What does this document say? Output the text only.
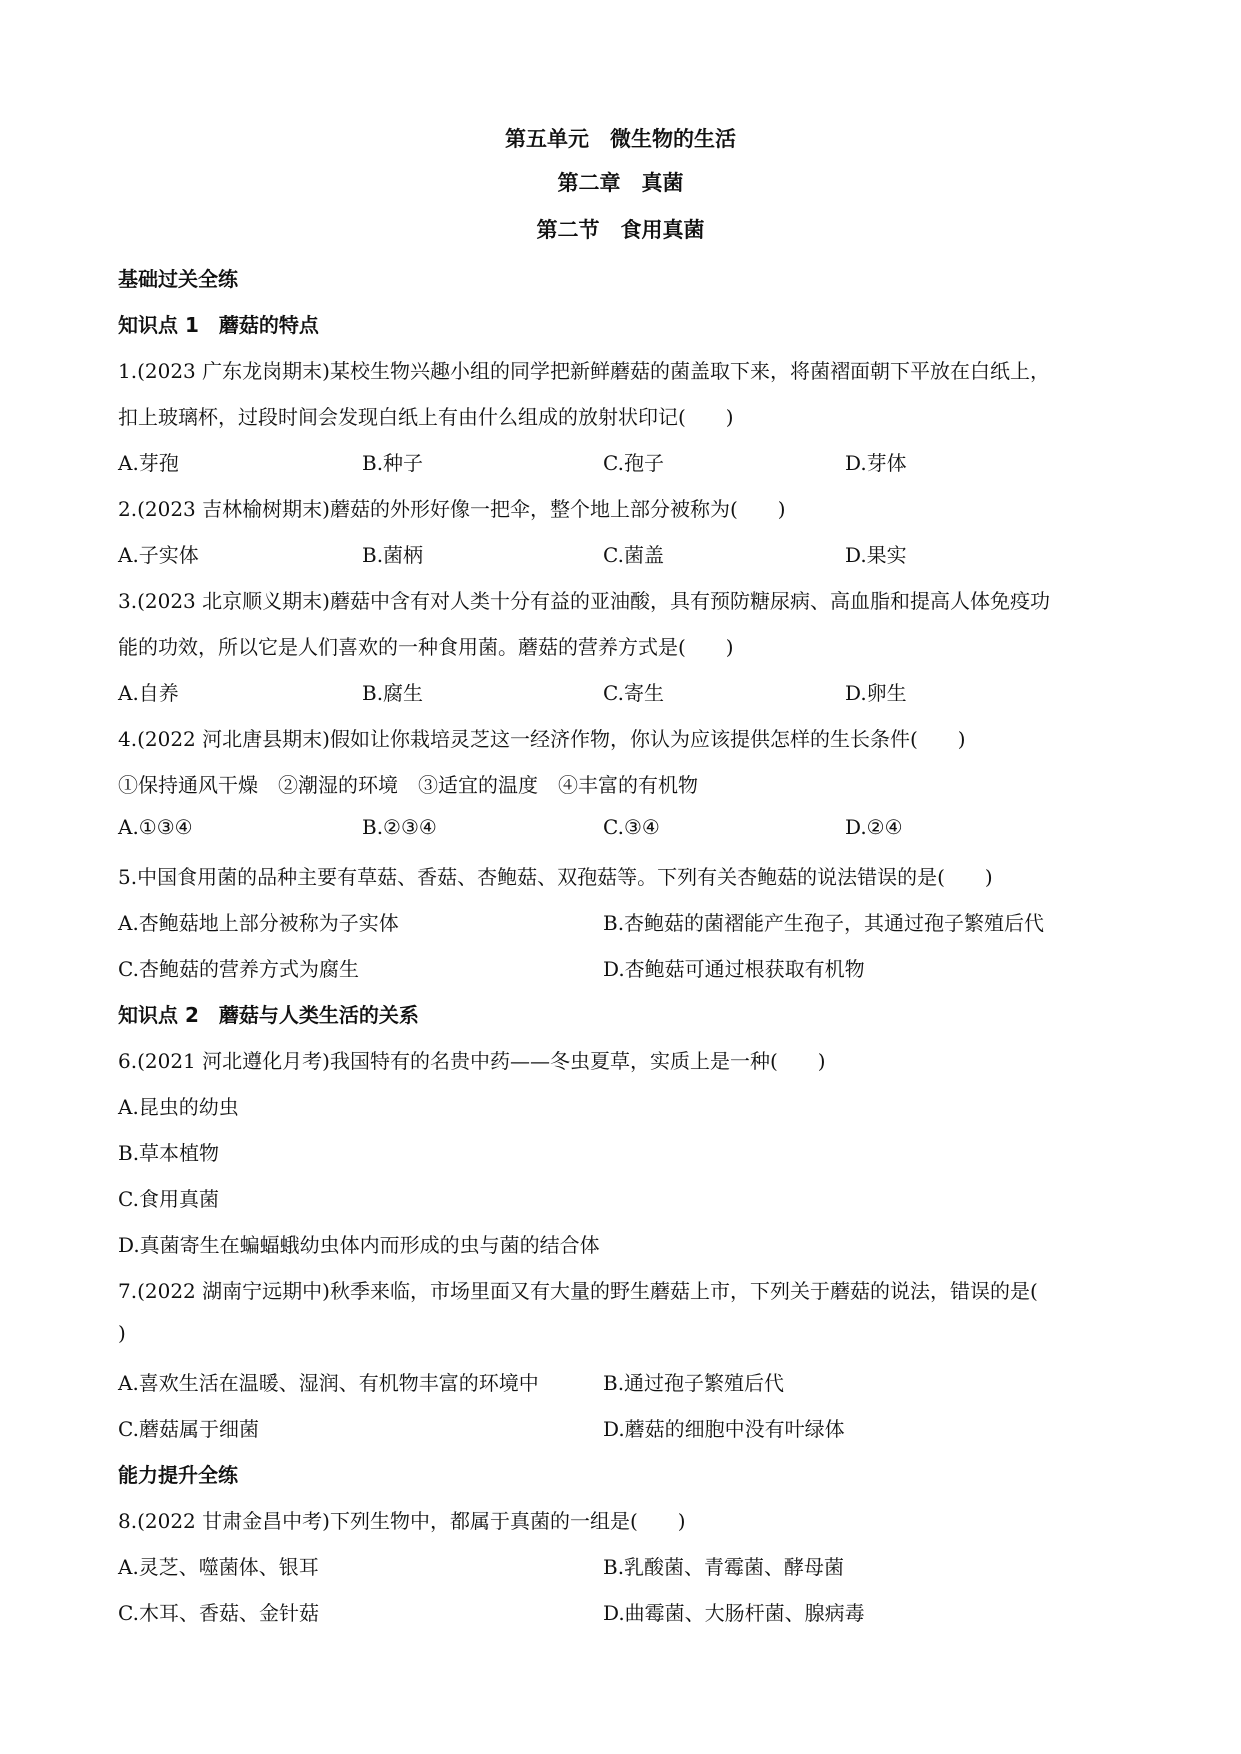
第五单元　微生物的生活
第二章　真菌
第二节　食用真菌
基础过关全练
知识点 1　蘑菇的特点
1.(2023 广东龙岗期末)某校生物兴趣小组的同学把新鲜蘑菇的菌盖取下来，将菌褶面朝下平放在白纸上，
扣上玻璃杯，过段时间会发现白纸上有由什么组成的放射状印记(　　)
A.芽孢	B.种子	C.孢子	D.芽体
2.(2023 吉林榆树期末)蘑菇的外形好像一把伞，整个地上部分被称为(　　)
A.子实体	B.菌柄	C.菌盖	D.果实
3.(2023 北京顺义期末)蘑菇中含有对人类十分有益的亚油酸，具有预防糖尿病、高血脂和提高人体免疫功
能的功效，所以它是人们喜欢的一种食用菌。蘑菇的营养方式是(　　)
A.自养	B.腐生	C.寄生	D.卵生
4.(2022 河北唐县期末)假如让你栽培灵芝这一经济作物，你认为应该提供怎样的生长条件(　　)
①保持通风干燥　②潮湿的环境　③适宜的温度　④丰富的有机物
A.①③④	B.②③④	C.③④	D.②④
5.中国食用菌的品种主要有草菇、香菇、杏鲍菇、双孢菇等。下列有关杏鲍菇的说法错误的是(　　)
A.杏鲍菇地上部分被称为子实体	B.杏鲍菇的菌褶能产生孢子，其通过孢子繁殖后代
C.杏鲍菇的营养方式为腐生	D.杏鲍菇可通过根获取有机物
知识点 2　蘑菇与人类生活的关系
6.(2021 河北遵化月考)我国特有的名贵中药——冬虫夏草，实质上是一种(　　)
A.昆虫的幼虫
B.草本植物
C.食用真菌
D.真菌寄生在蝙蝠蛾幼虫体内而形成的虫与菌的结合体
7.(2022 湖南宁远期中)秋季来临，市场里面又有大量的野生蘑菇上市，下列关于蘑菇的说法，错误的是(
)
A.喜欢生活在温暖、湿润、有机物丰富的环境中	B.通过孢子繁殖后代
C.蘑菇属于细菌	D.蘑菇的细胞中没有叶绿体
能力提升全练
8.(2022 甘肃金昌中考)下列生物中，都属于真菌的一组是(　　)
A.灵芝、噬菌体、银耳	B.乳酸菌、青霉菌、酵母菌
C.木耳、香菇、金针菇	D.曲霉菌、大肠杆菌、腺病毒
